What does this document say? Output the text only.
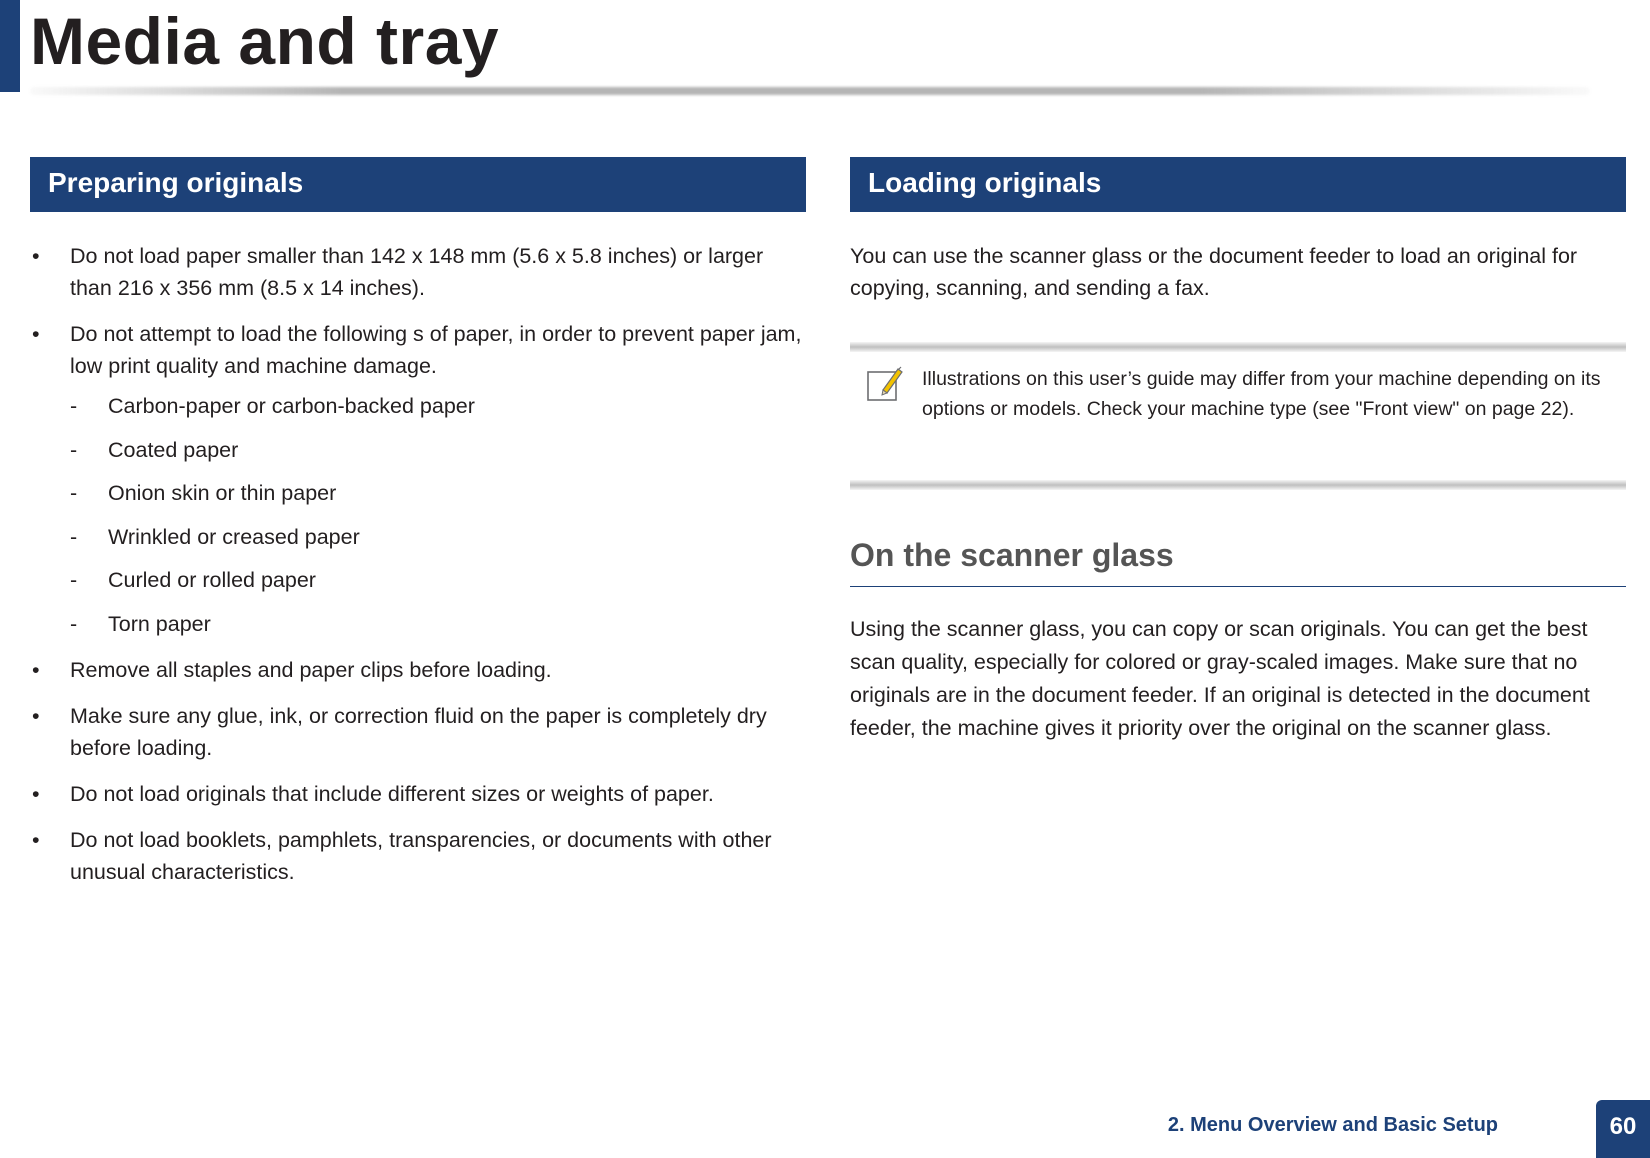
Media and tray
Preparing originals
•	Do not load paper smaller than 142 x 148 mm (5.6 x 5.8 inches) or larger than 216 x 356 mm (8.5 x 14 inches).
•	Do not attempt to load the following s of paper, in order to prevent paper jam, low print quality and machine damage.
- Carbon-paper or carbon-backed paper
- Coated paper
- Onion skin or thin paper
- Wrinkled or creased paper
- Curled or rolled paper
- Torn paper
•	Remove all staples and paper clips before loading.
•	Make sure any glue, ink, or correction fluid on the paper is completely dry before loading.
•	Do not load originals that include different sizes or weights of paper.
•	Do not load booklets, pamphlets, transparencies, or documents with other unusual characteristics.
Loading originals
You can use the scanner glass or the document feeder to load an original for copying, scanning, and sending a fax.
Illustrations on this user’s guide may differ from your machine depending on its options or models. Check your machine type (see "Front view" on page 22).
On the scanner glass
Using the scanner glass, you can copy or scan originals. You can get the best scan quality, especially for colored or gray-scaled images. Make sure that no originals are in the document feeder. If an original is detected in the document feeder, the machine gives it priority over the original on the scanner glass.
2. Menu Overview and Basic Setup	60
